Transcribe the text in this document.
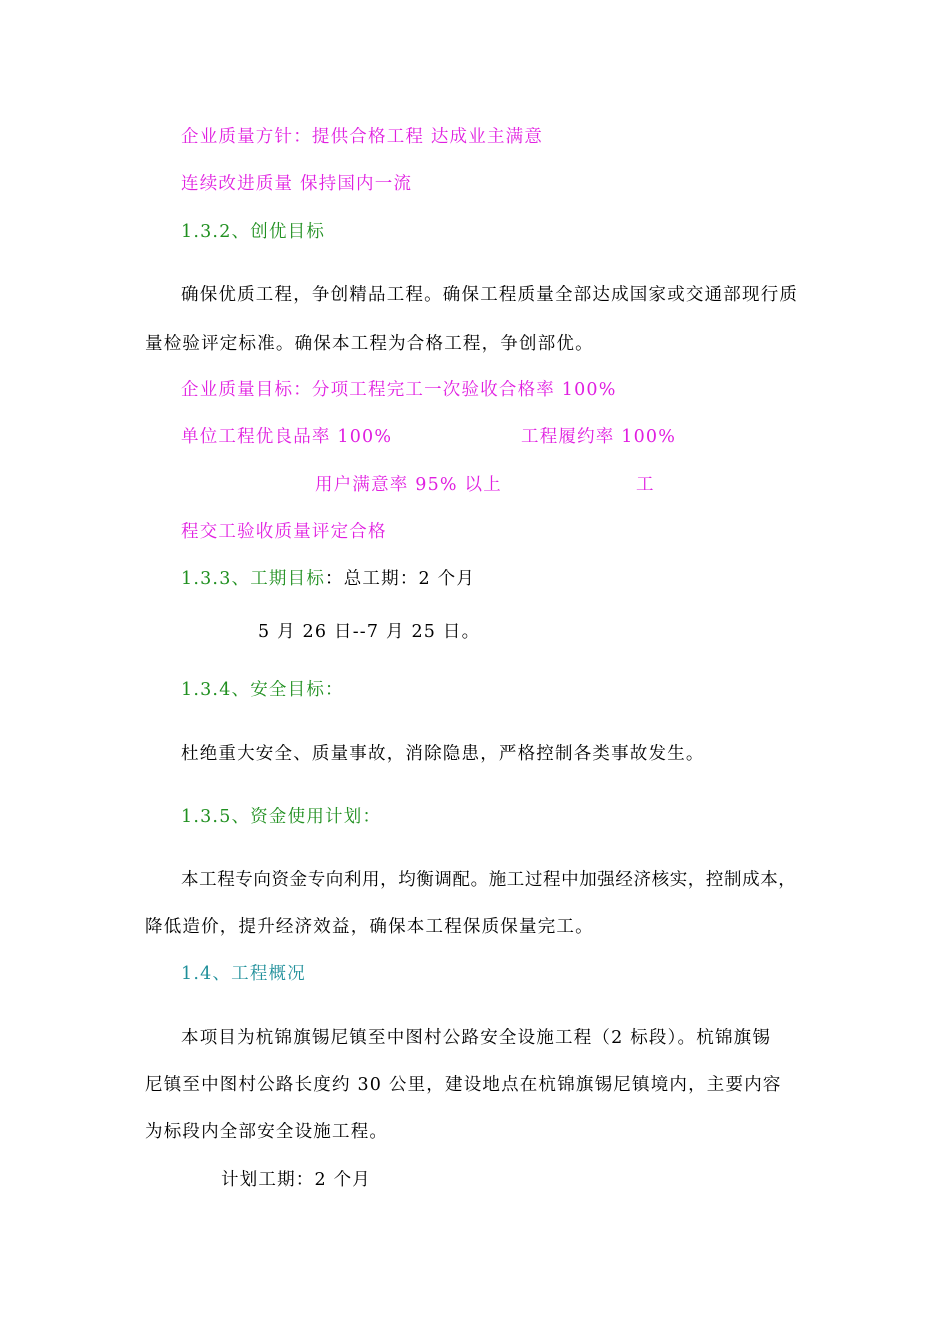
企业质量方针：提供合格工程 达成业主满意
连续改进质量 保持国内一流
1.3.2、创优目标
确保优质工程，争创精品工程。确保工程质量全部达成国家或交通部现行质
量检验评定标准。确保本工程为合格工程，争创部优。
企业质量目标：分项工程完工一次验收合格率 100%
单位工程优良品率 100%	工程履约率 100%
用户满意率 95% 以上	工
程交工验收质量评定合格
1.3.3、工期目标：总工期：2 个月
5 月 26 日--7 月 25 日。
1.3.4、安全目标：
杜绝重大安全、质量事故，消除隐患，严格控制各类事故发生。
1.3.5、资金使用计划：
本工程专向资金专向利用，均衡调配。施工过程中加强经济核实，控制成本，
降低造价，提升经济效益，确保本工程保质保量完工。
1.4、工程概况
本项目为杭锦旗锡尼镇至中图村公路安全设施工程（2 标段）。杭锦旗锡
尼镇至中图村公路长度约 30 公里，建设地点在杭锦旗锡尼镇境内，主要内容
为标段内全部安全设施工程。
计划工期：2 个月
